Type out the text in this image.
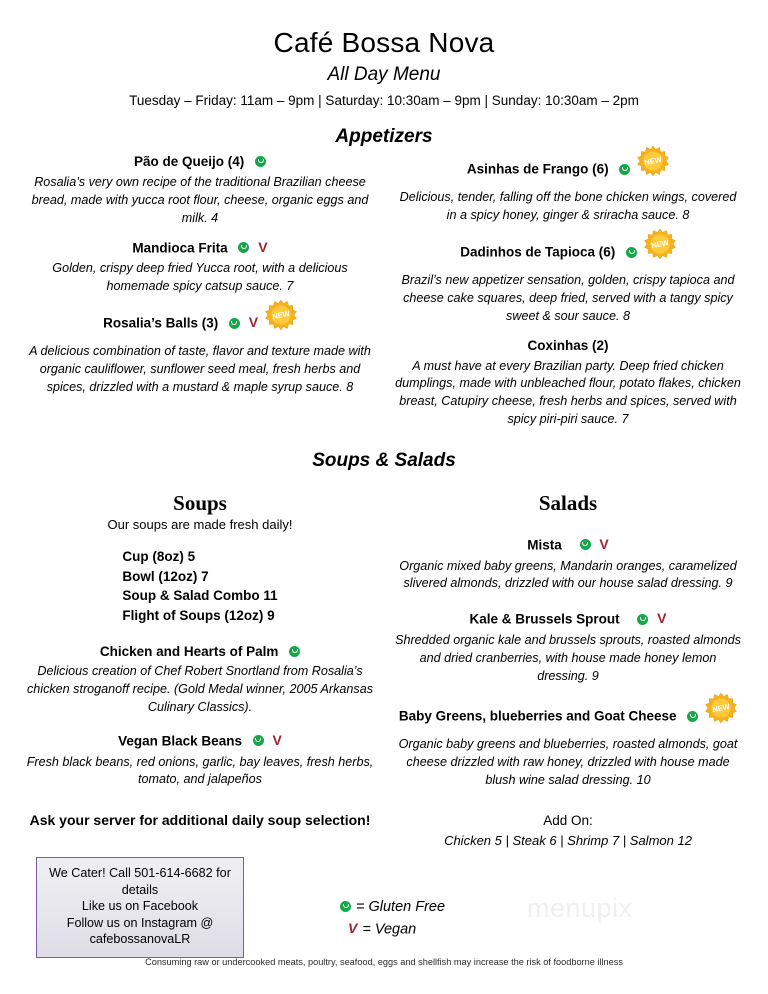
Café Bossa Nova

All Day Menu

Tuesday – Friday: 11am – 9pm | Saturday: 10:30am – 9pm | Sunday: 10:30am – 2pm

Appetizers
Pão de Queijo (4)
Rosalia’s very own recipe of the traditional Brazilian cheese bread, made with yucca root flour, cheese, organic eggs and milk. 4
Mandioca Frita V
Golden, crispy deep fried Yucca root, with a delicious homemade spicy catsup sauce. 7
Rosalia’s Balls (3) V NEW
A delicious combination of taste, flavor and texture made with organic cauliflower, sunflower seed meal, fresh herbs and spices, drizzled with a mustard & maple syrup sauce. 8
Asinhas de Frango (6)
NEW
Delicious, tender, falling off the bone chicken wings, covered in a spicy honey, ginger & sriracha sauce. 8
Dadinhos de Tapioca (6)
NEW
Brazil’s new appetizer sensation, golden, crispy tapioca and cheese cake squares, deep fried, served with a tangy spicy sweet & sour sauce. 8
Coxinhas (2)
A must have at every Brazilian party. Deep fried chicken dumplings, made with unbleached flour, potato flakes, chicken breast, Catupiry cheese, fresh herbs and spices, served with spicy piri-piri sauce. 7
Soups & Salads
Soups
Our soups are made fresh daily!
Cup (8oz) 5
Bowl (12oz) 7
Soup & Salad Combo 11
Flight of Soups (12oz) 9
Chicken and Hearts of Palm
Delicious creation of Chef Robert Snortland from Rosalia’s chicken stroganoff recipe. (Gold Medal winner, 2005 Arkansas Culinary Classics).
Vegan Black Beans V
Fresh black beans, red onions, garlic, bay leaves, fresh herbs, tomato, and jalapeños
Ask your server for additional daily soup selection!
Salads
Mista	V
Organic mixed baby greens, Mandarin oranges, caramelized slivered almonds, drizzled with our house salad dressing. 9
Kale & Brussels Sprout	V
Shredded organic kale and brussels sprouts, roasted almonds and dried cranberries, with house made honey lemon dressing. 9
Baby Greens, blueberries and Goat Cheese
NEW
Organic baby greens and blueberries, roasted almonds, goat cheese drizzled with raw honey, drizzled with house made blush wine salad dressing. 10
Add On:
Chicken 5 | Steak 6 | Shrimp 7 | Salmon 12

We Cater! Call 501-614-6682 for details

Like us on Facebook

Follow us on Instagram @ cafebossanovaLR

= Gluten Free
V = Vegan
menupix
Consuming raw or undercooked meats, poultry, seafood, eggs and shellfish may increase the risk of foodborne illness
